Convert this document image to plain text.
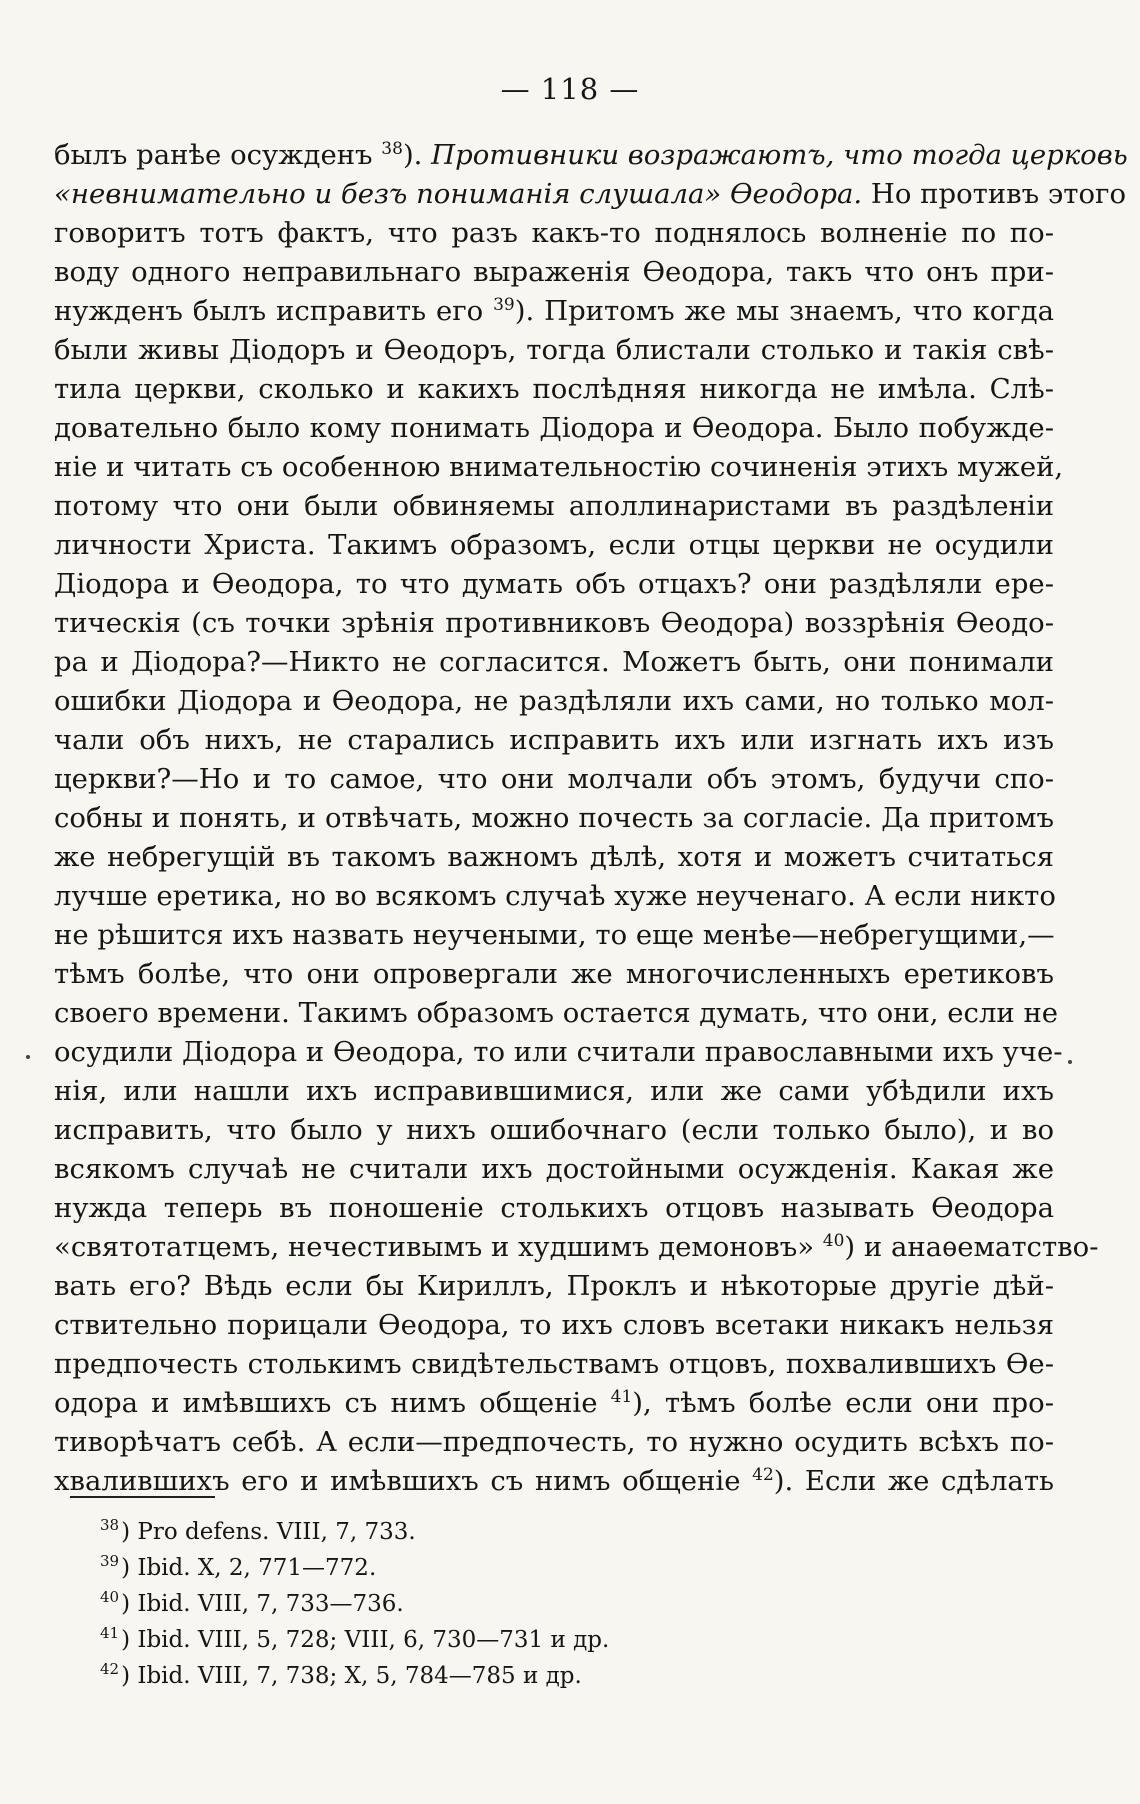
— 118 —
былъ ранѣе осужденъ $^{38}$). Противники возражаютъ, что тогда церковь
«невнимательно и безъ пониманія слушала» Ѳеодора. Но противъ этого
говоритъ тотъ фактъ, что разъ какъ-то поднялось волненіе по по-
воду одного неправильнаго выраженія Ѳеодора, такъ что онъ при-
нужденъ былъ исправить его $^{39}$). Притомъ же мы знаемъ, что когда
были живы Діодоръ и Ѳеодоръ, тогда блистали столько и такія свѣ-
тила церкви, сколько и какихъ послѣдняя никогда не имѣла. Слѣ-
довательно было кому понимать Діодора и Ѳеодора. Было побужде-
ніе и читать съ особенною внимательностію сочиненія этихъ мужей,
потому что они были обвиняемы аполлинаристами въ раздѣленіи
личности Христа. Такимъ образомъ, если отцы церкви не осудили
Діодора и Ѳеодора, то что думать объ отцахъ? они раздѣляли ере-
тическія (съ точки зрѣнія противниковъ Ѳеодора) воззрѣнія Ѳеодо-
ра и Діодора?—Никто не согласится. Можетъ быть, они понимали
ошибки Діодора и Ѳеодора, не раздѣляли ихъ сами, но только мол-
чали объ нихъ, не старались исправить ихъ или изгнать ихъ изъ
церкви?—Но и то самое, что они молчали объ этомъ, будучи спо-
собны и понять, и отвѣчать, можно почесть за согласіе. Да притомъ
же небрегущій въ такомъ важномъ дѣлѣ, хотя и можетъ считаться
лучше еретика, но во всякомъ случаѣ хуже неученаго. А если никто
не рѣшится ихъ назвать неучеными, то еще менѣе—небрегущими,—
тѣмъ болѣе, что они опровергали же многочисленныхъ еретиковъ
своего времени. Такимъ образомъ остается думать, что они, если не
осудили Діодора и Ѳеодора, то или считали православными ихъ уче-
нія, или нашли ихъ исправившимися, или же сами убѣдили ихъ
исправить, что было у нихъ ошибочнаго (если только было), и во
всякомъ случаѣ не считали ихъ достойными осужденія. Какая же
нужда теперь въ поношеніе столькихъ отцовъ называть Ѳеодора
«святотатцемъ, нечестивымъ и худшимъ демоновъ» $^{40}$) и анаѳематство-
вать его? Вѣдь если бы Кириллъ, Проклъ и нѣкоторые другіе дѣй-
ствительно порицали Ѳеодора, то ихъ словъ всетаки никакъ нельзя
предпочесть столькимъ свидѣтельствамъ отцовъ, похвалившихъ Ѳе-
одора и имѣвшихъ съ нимъ общеніе $^{41}$), тѣмъ болѣе если они про-
тиворѣчатъ себѣ. А если—предпочесть, то нужно осудить всѣхъ по-
хвалившихъ его и имѣвшихъ съ нимъ общеніе $^{42}$). Если же сдѣлать
$^{38}$) Pro defens. VIII, 7, 733.
$^{39}$) Ibid. X, 2, 771—772.
$^{40}$) Ibid. VIII, 7, 733—736.
$^{41}$) Ibid. VIII, 5, 728; VIII, 6, 730—731 и др.
$^{42}$) Ibid. VIII, 7, 738; X, 5, 784—785 и др.
